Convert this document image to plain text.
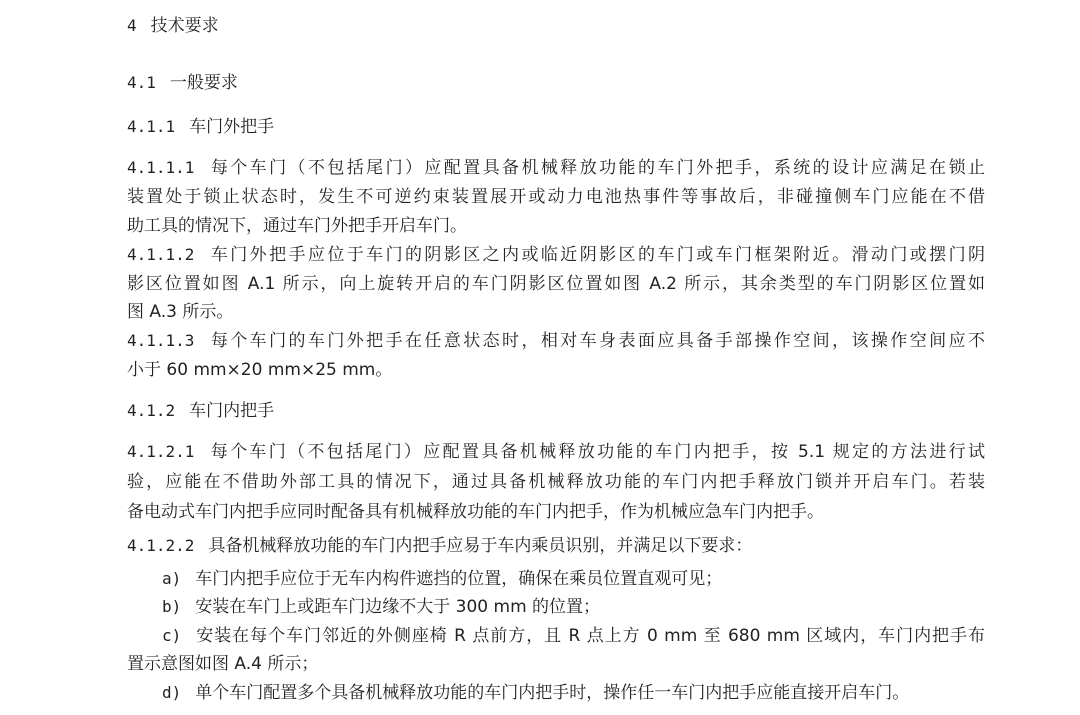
4 技术要求
4.1 一般要求
4.1.1 车门外把手
4.1.1.1 每个车门（不包括尾门）应配置具备机械释放功能的车门外把手，系统的设计应满足在锁止
装置处于锁止状态时，发生不可逆约束装置展开或动力电池热事件等事故后，非碰撞侧车门应能在不借
助工具的情况下，通过车门外把手开启车门。
4.1.1.2 车门外把手应位于车门的阴影区之内或临近阴影区的车门或车门框架附近。滑动门或摆门阴
影区位置如图 A.1 所示，向上旋转开启的车门阴影区位置如图 A.2 所示，其余类型的车门阴影区位置如
图 A.3 所示。
4.1.1.3 每个车门的车门外把手在任意状态时，相对车身表面应具备手部操作空间，该操作空间应不
小于 60 mm×20 mm×25 mm。
4.1.2 车门内把手
4.1.2.1 每个车门（不包括尾门）应配置具备机械释放功能的车门内把手，按 5.1 规定的方法进行试
验，应能在不借助外部工具的情况下，通过具备机械释放功能的车门内把手释放门锁并开启车门。若装
备电动式车门内把手应同时配备具有机械释放功能的车门内把手，作为机械应急车门内把手。
4.1.2.2 具备机械释放功能的车门内把手应易于车内乘员识别，并满足以下要求：
a) 车门内把手应位于无车内构件遮挡的位置，确保在乘员位置直观可见；
b) 安装在车门上或距车门边缘不大于 300 mm 的位置；
c) 安装在每个车门邻近的外侧座椅 R 点前方，且 R 点上方 0 mm 至 680 mm 区域内，车门内把手布
置示意图如图 A.4 所示；
d) 单个车门配置多个具备机械释放功能的车门内把手时，操作任一车门内把手应能直接开启车门。
